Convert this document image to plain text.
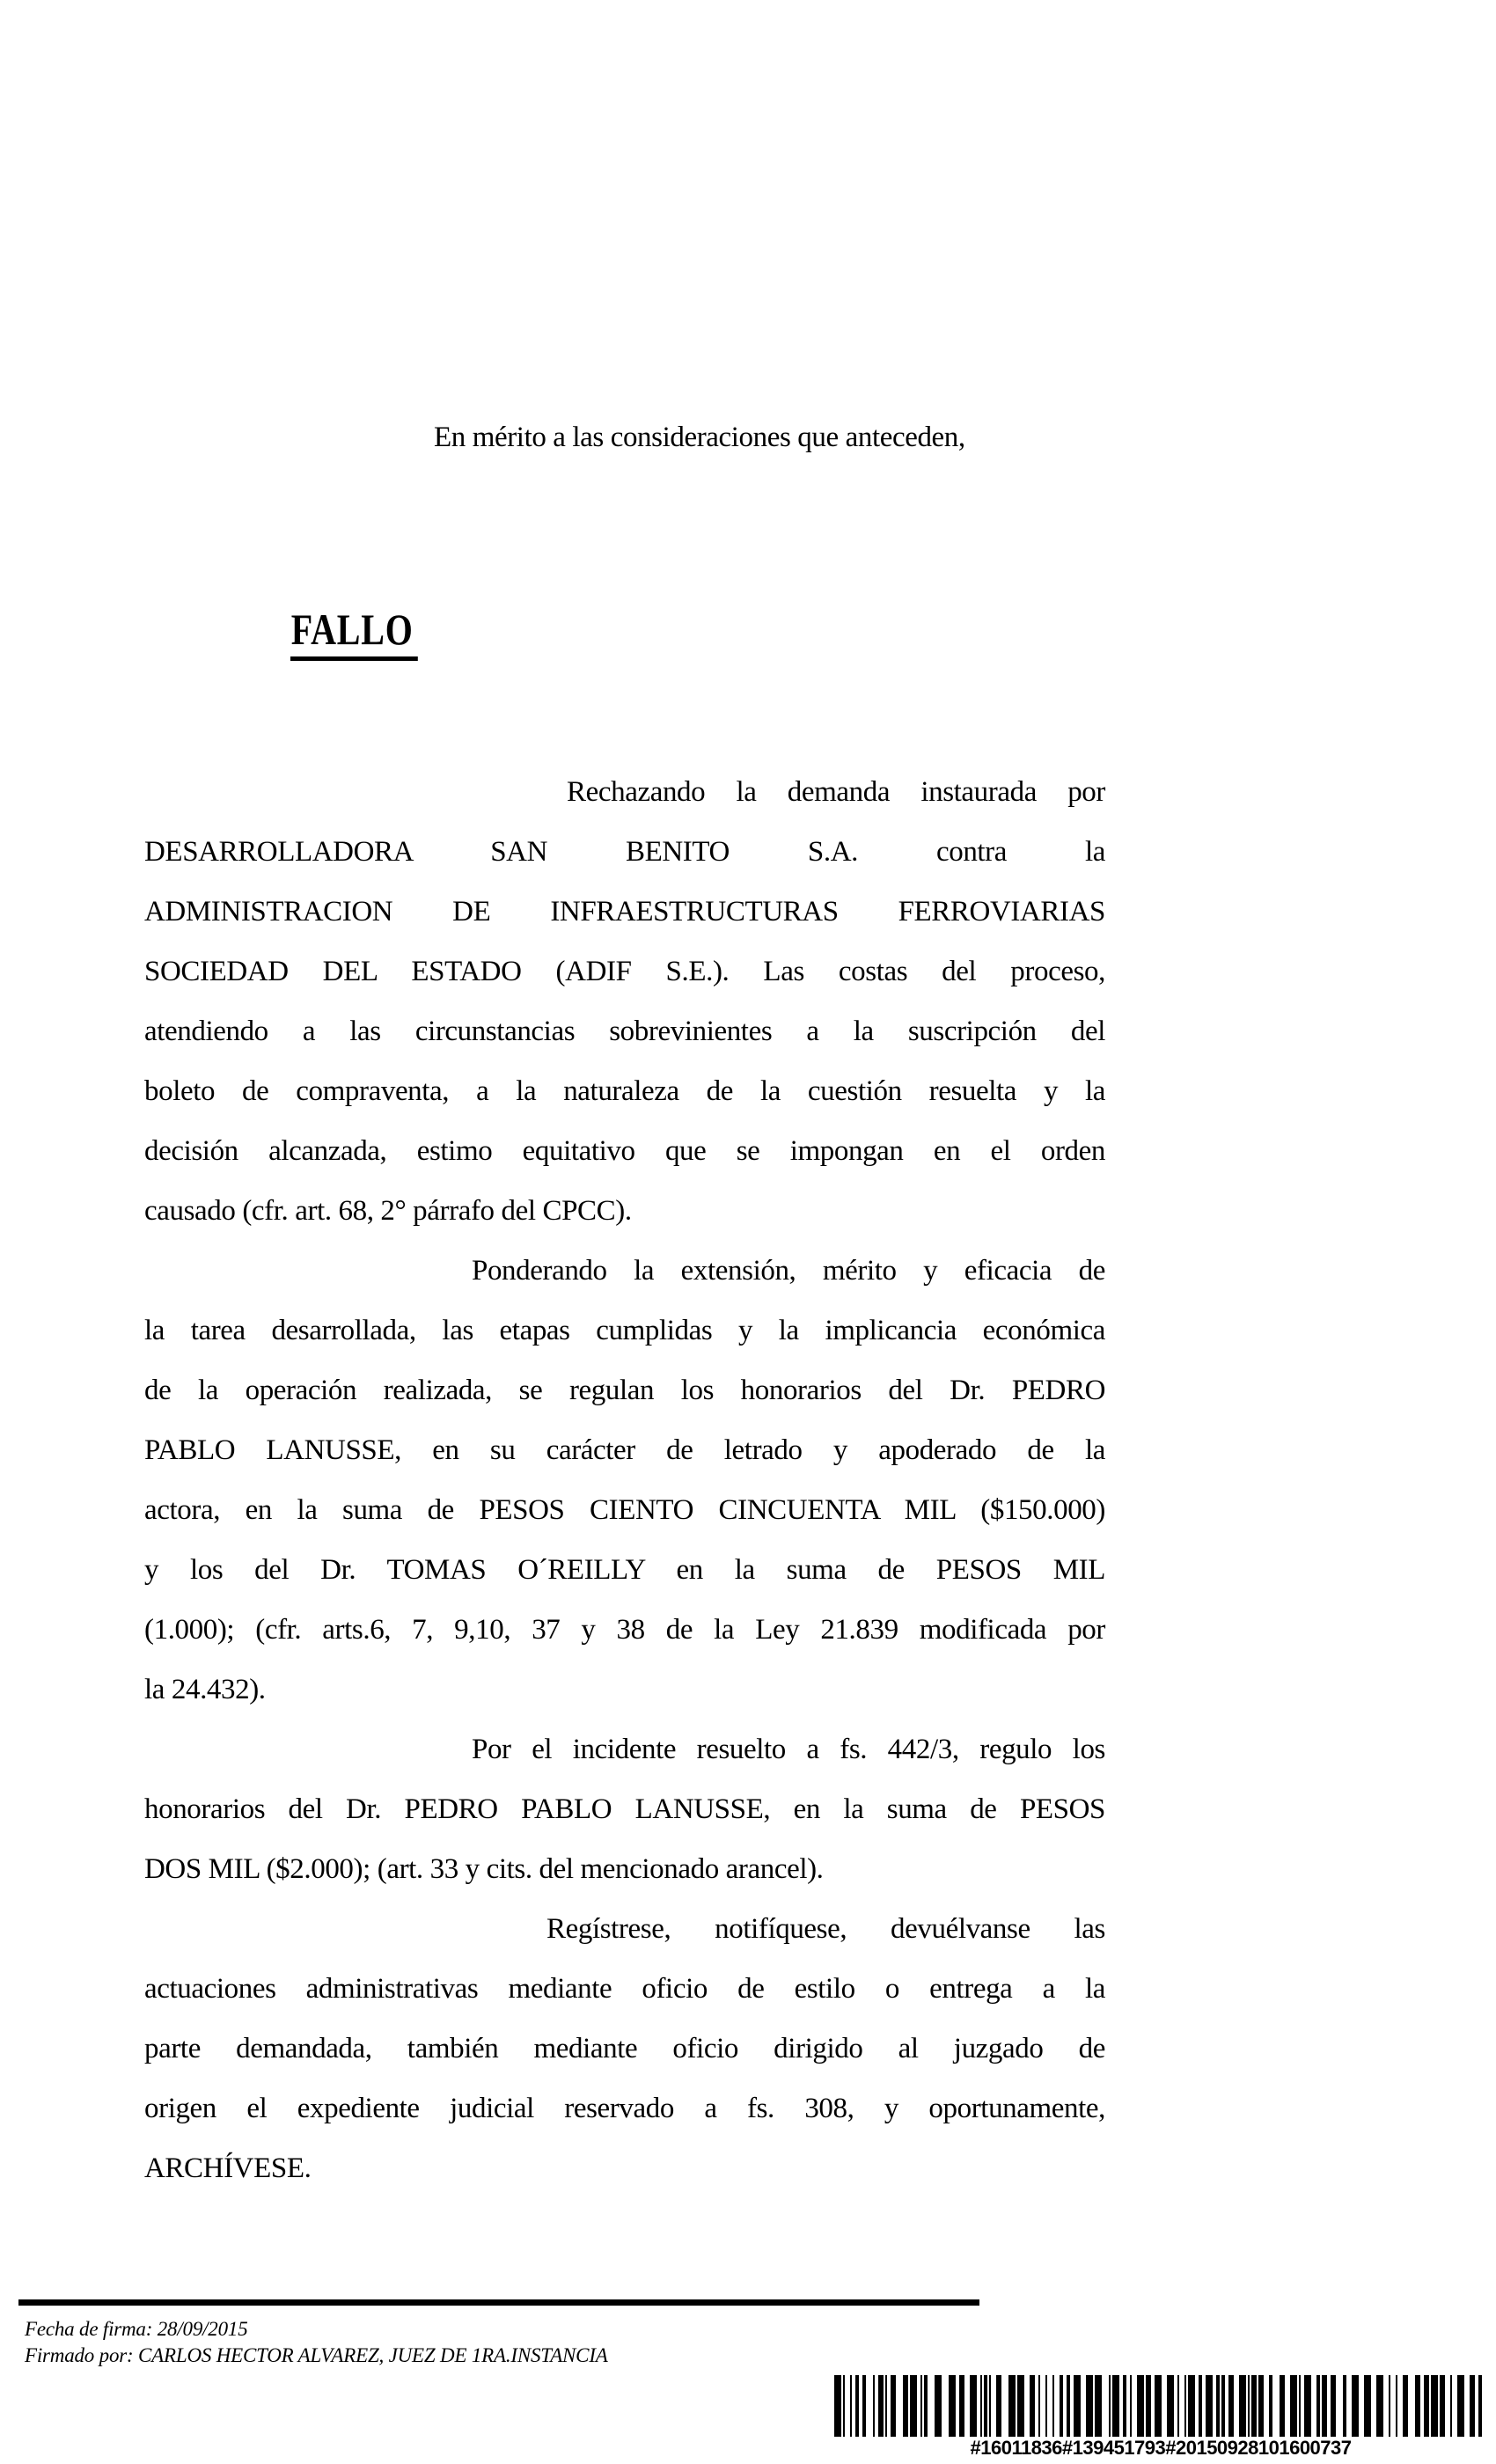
En mérito a las consideraciones que anteceden,
FALLO
Rechazando la demanda instaurada por
DESARROLLADORA SAN BENITO S.A. contra la
ADMINISTRACION DE INFRAESTRUCTURAS FERROVIARIAS
SOCIEDAD DEL ESTADO (ADIF S.E.). Las costas del proceso,
atendiendo a las circunstancias sobrevinientes a la suscripción del
boleto de compraventa, a la naturaleza de la cuestión resuelta y la
decisión alcanzada, estimo equitativo que se impongan en el orden
causado (cfr. art. 68, 2° párrafo del CPCC).
Ponderando la extensión, mérito y eficacia de
la tarea desarrollada, las etapas cumplidas y la implicancia económica
de la operación realizada, se regulan los honorarios del Dr. PEDRO
PABLO LANUSSE, en su carácter de letrado y apoderado de la
actora, en la suma de PESOS CIENTO CINCUENTA MIL ($150.000)
y los del Dr. TOMAS O´REILLY en la suma de PESOS MIL
(1.000); (cfr. arts.6, 7, 9,10, 37 y 38 de la Ley 21.839 modificada por
la 24.432).
Por el incidente resuelto a fs. 442/3, regulo los
honorarios del Dr. PEDRO PABLO LANUSSE, en la suma de PESOS
DOS MIL ($2.000); (art. 33 y cits. del mencionado arancel).
Regístrese, notifíquese, devuélvanse las
actuaciones administrativas mediante oficio de estilo o entrega a la
parte demandada, también mediante oficio dirigido al juzgado de
origen el expediente judicial reservado a fs. 308, y oportunamente,
ARCHÍVESE.
Fecha de firma: 28/09/2015
Firmado por: CARLOS HECTOR ALVAREZ, JUEZ DE 1RA.INSTANCIA
#16011836#139451793#20150928101600737
